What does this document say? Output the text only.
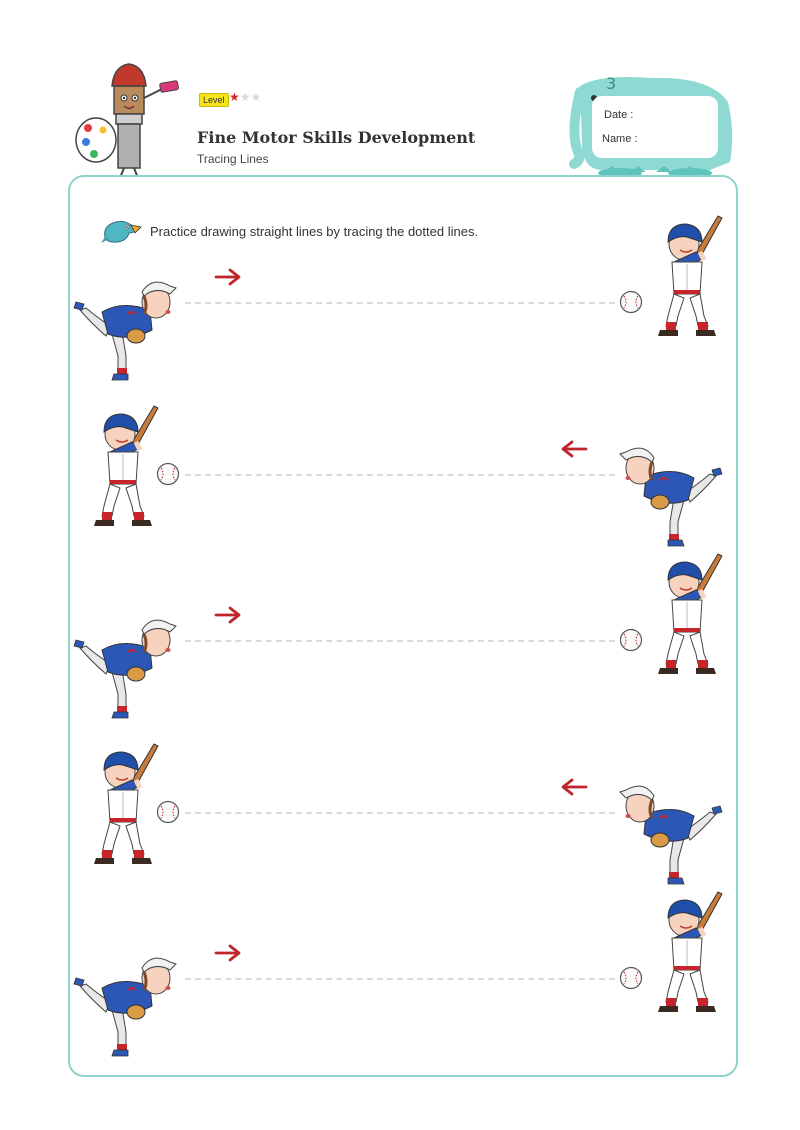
Level ★★★
Fine Motor Skills Development
Tracing Lines
3
Date :
Name :
Practice drawing straight lines by tracing the dotted lines.
